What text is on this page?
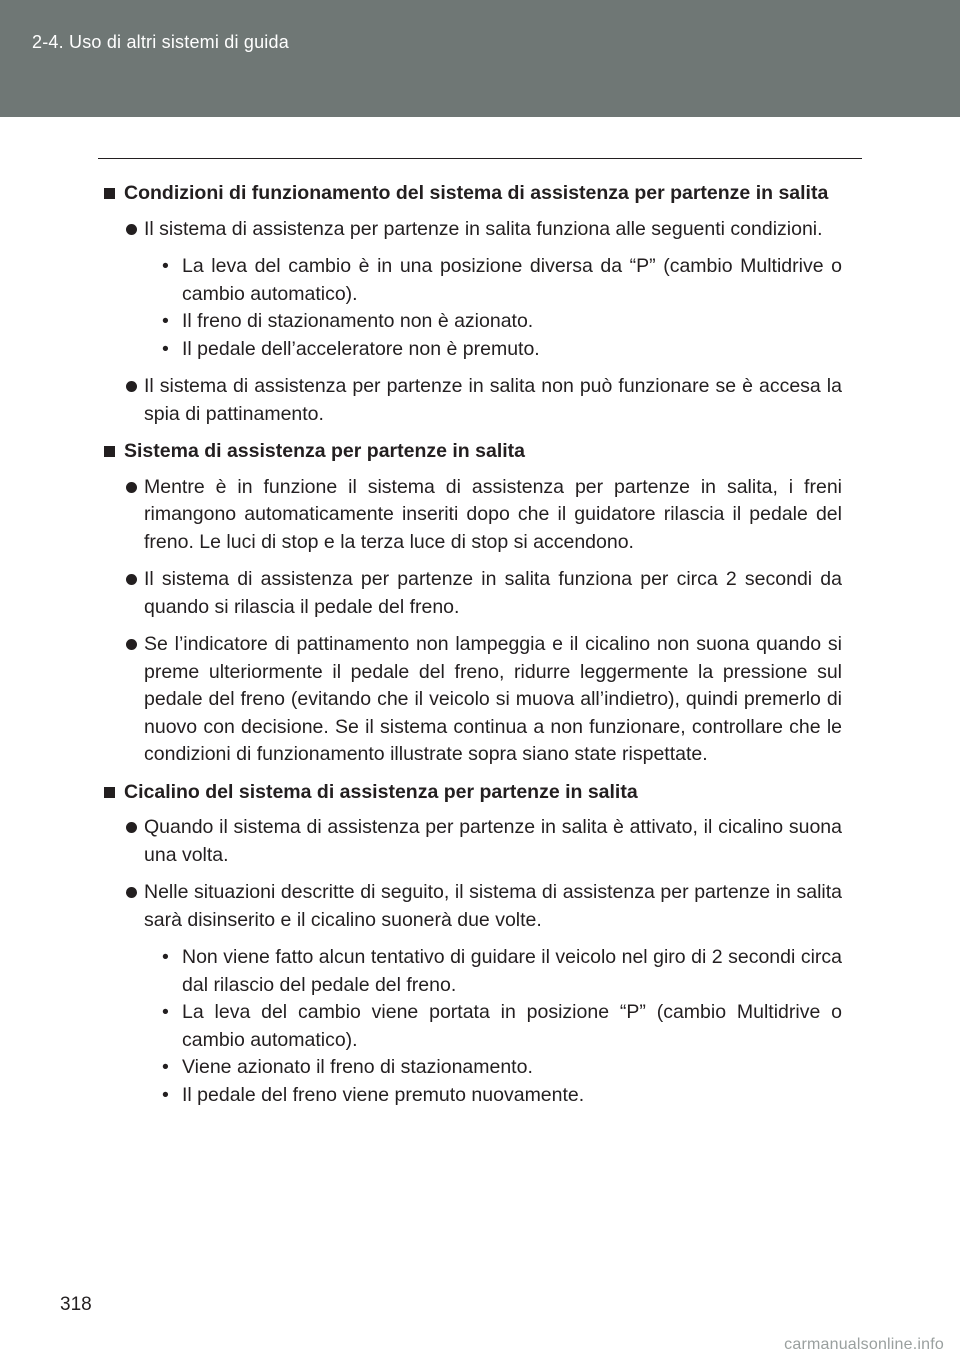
2-4. Uso di altri sistemi di guida
Condizioni di funzionamento del sistema di assistenza per partenze in salita
Il sistema di assistenza per partenze in salita funziona alle seguenti condizioni.
• La leva del cambio è in una posizione diversa da “P” (cambio Multidrive o cambio automatico).
• Il freno di stazionamento non è azionato.
• Il pedale dell’acceleratore non è premuto.
Il sistema di assistenza per partenze in salita non può funzionare se è accesa la spia di pattinamento.
Sistema di assistenza per partenze in salita
Mentre è in funzione il sistema di assistenza per partenze in salita, i freni rimangono automaticamente inseriti dopo che il guidatore rilascia il pedale del freno. Le luci di stop e la terza luce di stop si accendono.
Il sistema di assistenza per partenze in salita funziona per circa 2 secondi da quando si rilascia il pedale del freno.
Se l’indicatore di pattinamento non lampeggia e il cicalino non suona quando si preme ulteriormente il pedale del freno, ridurre leggermente la pressione sul pedale del freno (evitando che il veicolo si muova all’indietro), quindi premerlo di nuovo con decisione. Se il sistema continua a non funzionare, controllare che le condizioni di funzionamento illustrate sopra siano state rispettate.
Cicalino del sistema di assistenza per partenze in salita
Quando il sistema di assistenza per partenze in salita è attivato, il cicalino suona una volta.
Nelle situazioni descritte di seguito, il sistema di assistenza per partenze in salita sarà disinserito e il cicalino suonerà due volte.
• Non viene fatto alcun tentativo di guidare il veicolo nel giro di 2 secondi circa dal rilascio del pedale del freno.
• La leva del cambio viene portata in posizione “P” (cambio Multidrive o cambio automatico).
• Viene azionato il freno di stazionamento.
• Il pedale del freno viene premuto nuovamente.
318
carmanualsonline.info
